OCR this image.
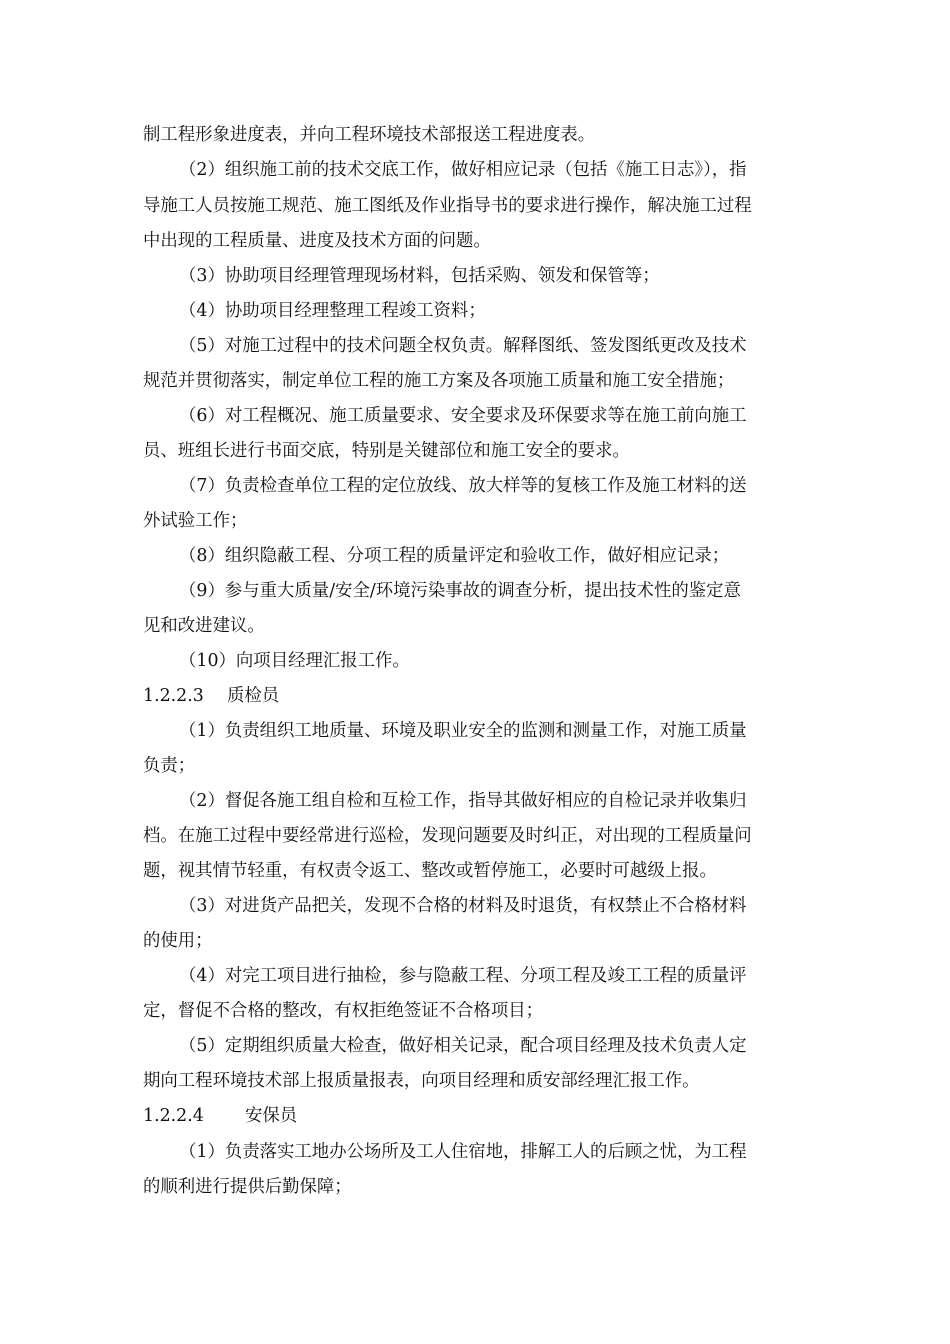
制工程形象进度表，并向工程环境技术部报送工程进度表。
（2）组织施工前的技术交底工作，做好相应记录（包括《施工日志》），指
导施工人员按施工规范、施工图纸及作业指导书的要求进行操作，解决施工过程
中出现的工程质量、进度及技术方面的问题。
（3）协助项目经理管理现场材料，包括采购、领发和保管等；
（4）协助项目经理整理工程竣工资料；
（5）对施工过程中的技术问题全权负责。解释图纸、签发图纸更改及技术
规范并贯彻落实，制定单位工程的施工方案及各项施工质量和施工安全措施；
（6）对工程概况、施工质量要求、安全要求及环保要求等在施工前向施工
员、班组长进行书面交底，特别是关键部位和施工安全的要求。
（7）负责检查单位工程的定位放线、放大样等的复核工作及施工材料的送
外试验工作；
（8）组织隐蔽工程、分项工程的质量评定和验收工作，做好相应记录；
（9）参与重大质量/安全/环境污染事故的调查分析，提出技术性的鉴定意
见和改进建议。
（10）向项目经理汇报工作。
1.2.2.3 质检员
（1）负责组织工地质量、环境及职业安全的监测和测量工作，对施工质量
负责；
（2）督促各施工组自检和互检工作，指导其做好相应的自检记录并收集归
档。在施工过程中要经常进行巡检，发现问题要及时纠正，对出现的工程质量问
题，视其情节轻重，有权责令返工、整改或暂停施工，必要时可越级上报。
（3）对进货产品把关，发现不合格的材料及时退货，有权禁止不合格材料
的使用；
（4）对完工项目进行抽检，参与隐蔽工程、分项工程及竣工工程的质量评
定，督促不合格的整改，有权拒绝签证不合格项目；
（5）定期组织质量大检查，做好相关记录，配合项目经理及技术负责人定
期向工程环境技术部上报质量报表，向项目经理和质安部经理汇报工作。
1.2.2.4 安保员
（1）负责落实工地办公场所及工人住宿地，排解工人的后顾之忧，为工程
的顺利进行提供后勤保障；
